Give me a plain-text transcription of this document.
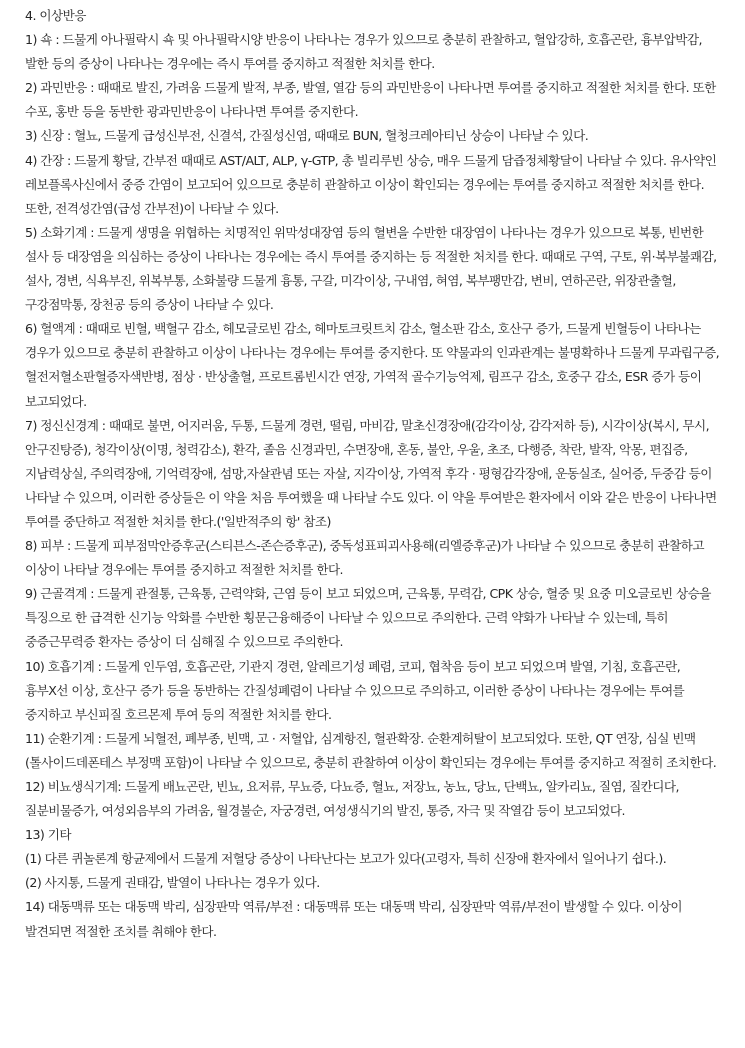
4. 이상반응

1) 쇽 : 드물게 아나필락시 쇽 및 아나필락시양 반응이 나타나는 경우가 있으므로 충분히 관찰하고, 혈압강하, 호흡곤란, 흉부압박감, 발한 등의 증상이 나타나는 경우에는 즉시 투여를 중지하고 적절한 처치를 한다.

2) 과민반응 : 때때로 발진, 가려움 드물게 발적, 부종, 발열, 열감 등의 과민반응이 나타나면 투여를 중지하고 적절한 처치를 한다. 또한 수포, 홍반 등을 동반한 광과민반응이 나타나면 투여를 중지한다.

3) 신장 : 혈뇨, 드물게 급성신부전, 신결석, 간질성신염, 때때로 BUN, 혈청크레아티닌 상승이 나타날 수 있다.

4) 간장 : 드물게 황달, 간부전 때때로 AST/ALT, ALP, γ-GTP, 총 빌리루빈 상승, 매우 드물게 담즙정체황달이 나타날 수 있다. 유사약인 레보플록사신에서 중증 간염이 보고되어 있으므로 충분히 관찰하고 이상이 확인되는 경우에는 투여를 중지하고 적절한 처치를 한다. 또한, 전격성간염(급성 간부전)이 나타날 수 있다.

5) 소화기계 : 드물게 생명을 위협하는 치명적인 위막성대장염 등의 혈변을 수반한 대장염이 나타나는 경우가 있으므로 복통, 빈번한 설사 등 대장염을 의심하는 증상이 나타나는 경우에는 즉시 투여를 중지하는 등 적절한 처치를 한다. 때때로 구역, 구토, 위·복부불쾌감, 설사, 경변, 식욕부진, 위복부통, 소화불량 드물게 흉통, 구갈, 미각이상, 구내염, 혀염, 복부팽만감, 변비, 연하곤란, 위장관출혈, 구강점막통, 장천공 등의 증상이 나타날 수 있다.

6) 혈액계 : 때때로 빈혈, 백혈구 감소, 헤모글로빈 감소, 헤마토크릿트치 감소, 혈소판 감소, 호산구 증가, 드물게 빈혈등이 나타나는 경우가 있으므로 충분히 관찰하고 이상이 나타나는 경우에는 투여를 중지한다. 또 약물과의 인과관계는 불명확하나 드물게 무과립구증, 혈전저혈소판혈증자색반병, 점상 · 반상출혈, 프로트롬빈시간 연장, 가역적 골수기능억제, 림프구 감소, 호중구 감소, ESR 증가 등이 보고되었다.

7) 정신신경계 : 때때로 불면, 어지러움, 두통, 드물게 경련, 떨림, 마비감, 말초신경장애(감각이상, 감각저하 등), 시각이상(복시, 무시, 안구진탕증), 청각이상(이명, 청력감소), 환각, 졸음 신경과민, 수면장애, 혼동, 불안, 우울, 초조, 다행증, 착란, 발작, 악몽, 편집증, 지남력상실, 주의력장애, 기억력장애, 섬망,자살관념 또는 자살, 지각이상, 가역적 후각 · 평형감각장애, 운동실조, 실어증, 두중감 등이 나타날 수 있으며, 이러한 증상들은 이 약을 처음 투여했을 때 나타날 수도 있다. 이 약을 투여받은 환자에서 이와 같은 반응이 나타나면 투여를 중단하고 적절한 처치를 한다.('일반적주의 항' 참조)

8) 피부 : 드물게 피부점막안증후군(스티븐스-존슨증후군), 중독성표피괴사용해(리엘증후군)가 나타날 수 있으므로 충분히 관찰하고 이상이 나타날 경우에는 투여를 중지하고 적절한 처치를 한다.

9) 근골격계 : 드물게 관절통, 근육통, 근력약화, 근염 등이 보고 되었으며, 근육통, 무력감, CPK 상승, 혈중 및 요중 미오글로빈 상승을 특징으로 한 급격한 신기능 악화를 수반한 횡문근융해증이 나타날 수 있으므로 주의한다. 근력 약화가 나타날 수 있는데, 특히 중증근무력증 환자는 증상이 더 심해질 수 있으므로 주의한다.

10) 호흡기계 : 드물게 인두염, 호흡곤란, 기관지 경련, 알레르기성 폐렴, 코피, 협착음 등이 보고 되었으며 발열, 기침, 호흡곤란, 흉부X선 이상, 호산구 증가 등을 동반하는 간질성폐렴이 나타날 수 있으므로 주의하고, 이러한 증상이 나타나는 경우에는 투여를 중지하고 부신피질 호르몬제 투여 등의 적절한 처치를 한다.

11) 순환기계 : 드물게 뇌혈전, 폐부종, 빈맥, 고 · 저혈압, 심계항진, 혈관확장. 순환계허탈이 보고되었다. 또한, QT 연장, 심실 빈맥(톨사이드데폰테스 부정맥 포함)이 나타날 수 있으므로, 충분히 관찰하여 이상이 확인되는 경우에는 투여를 중지하고 적절히 조치한다.

12) 비뇨생식기계: 드물게 배뇨곤란, 빈뇨, 요저류, 무뇨증, 다뇨증, 혈뇨, 저장뇨, 농뇨, 당뇨, 단백뇨, 알카리뇨, 질염, 질칸디다, 질분비물증가, 여성외음부의 가려움, 월경불순, 자궁경련, 여성생식기의 발진, 통증, 자극 및 작열감 등이 보고되었다.

13) 기타

(1) 다른 퀴놀론계 항균제에서 드물게 저혈당 증상이 나타난다는 보고가 있다(고령자, 특히 신장애 환자에서 일어나기 쉽다.).

(2) 사지통, 드물게 권태감, 발열이 나타나는 경우가 있다.

14) 대동맥류 또는 대동맥 박리, 심장판막 역류/부전 : 대동맥류 또는 대동맥 박리, 심장판막 역류/부전이 발생할 수 있다. 이상이 발견되면 적절한 조치를 취해야 한다.
